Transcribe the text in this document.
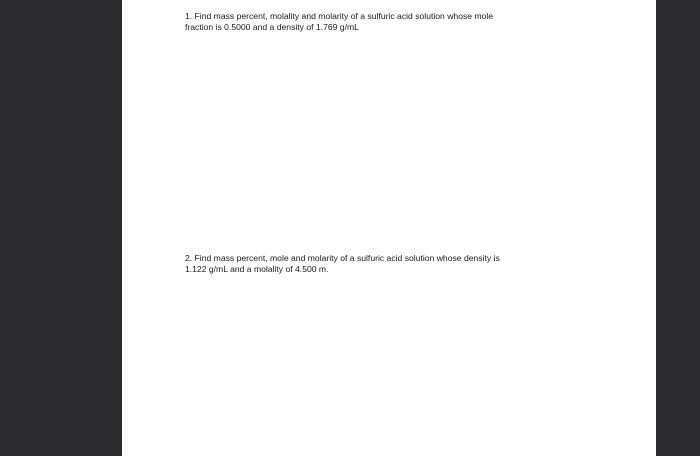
1. Find mass percent, molality and molarity of a sulfuric acid solution whose mole
fraction is 0.5000 and a density of 1.769 g/mL
2. Find mass percent, mole and molarity of a sulfuric acid solution whose density is
1.122 g/mL and a molality of 4.500 m.
